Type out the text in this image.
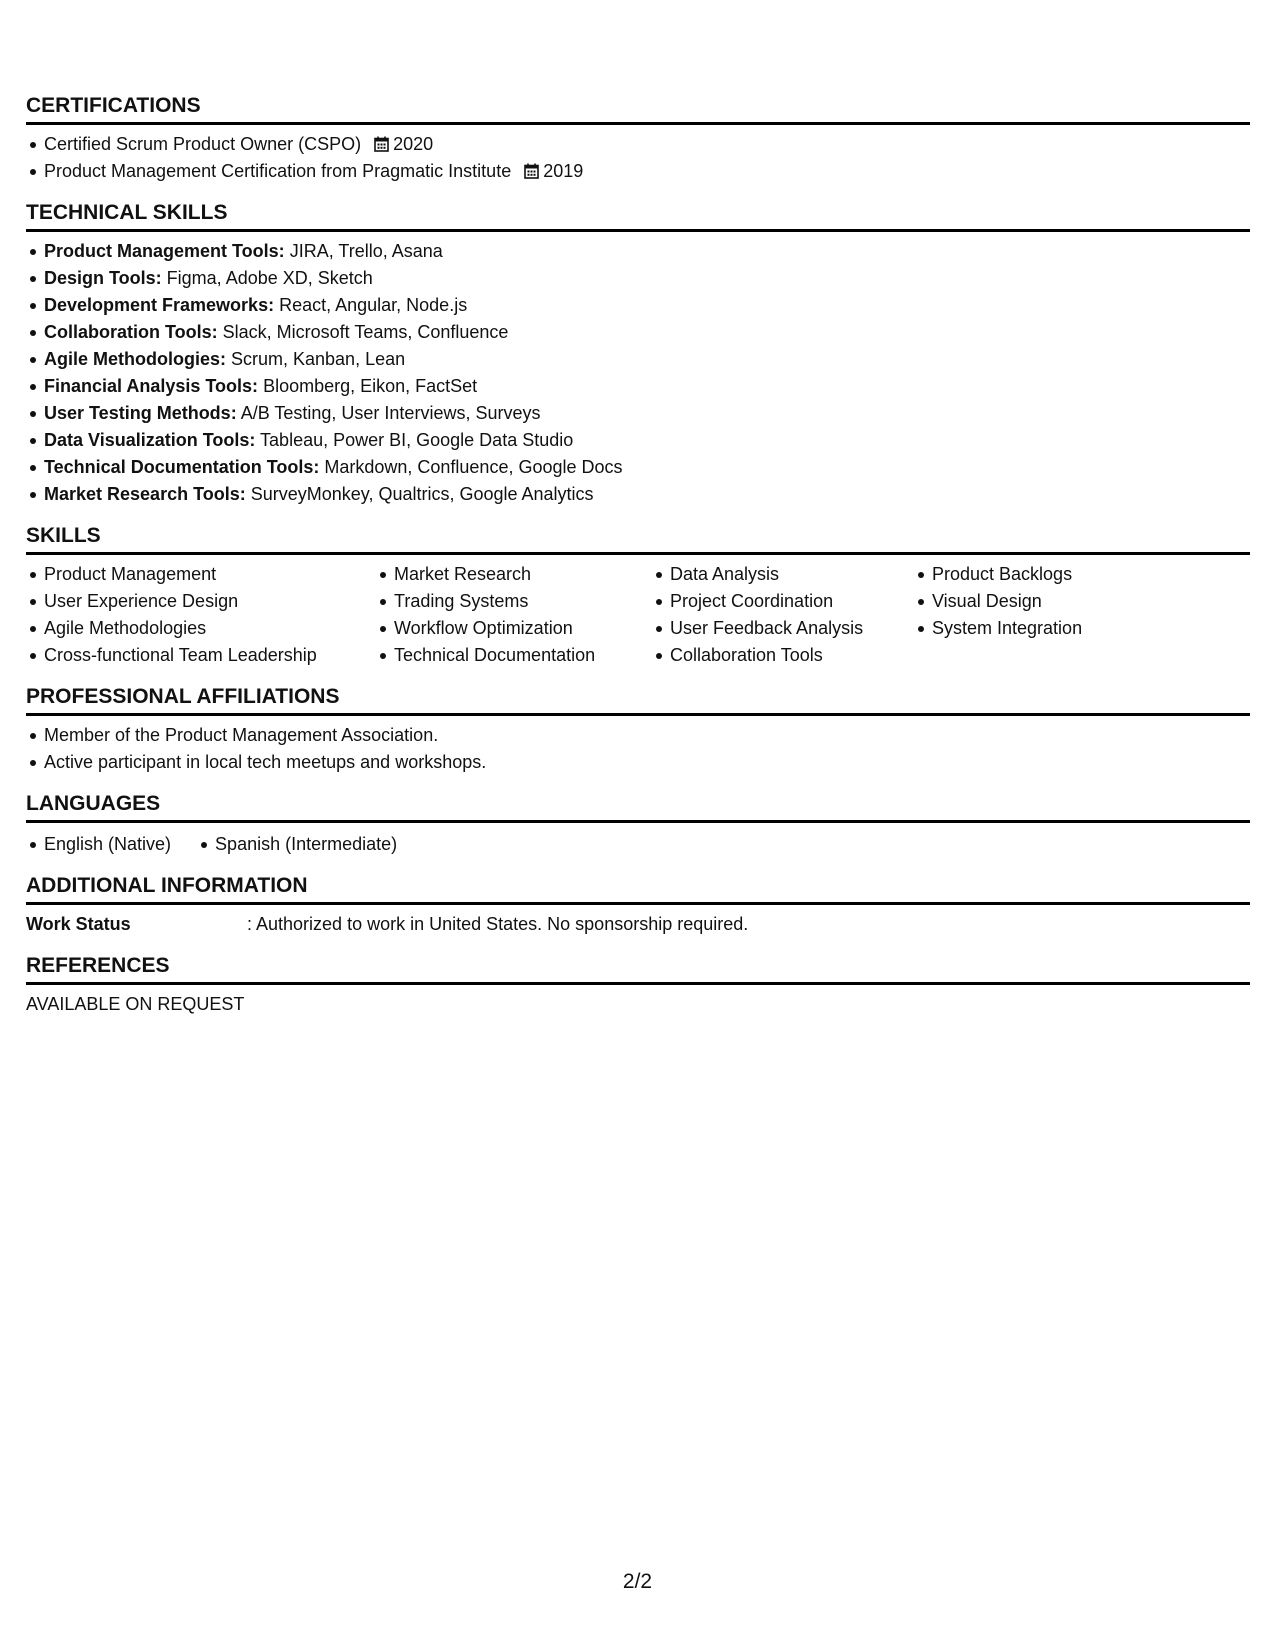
CERTIFICATIONS
Certified Scrum Product Owner (CSPO) 2020
Product Management Certification from Pragmatic Institute 2019
TECHNICAL SKILLS
Product Management Tools: JIRA, Trello, Asana
Design Tools: Figma, Adobe XD, Sketch
Development Frameworks: React, Angular, Node.js
Collaboration Tools: Slack, Microsoft Teams, Confluence
Agile Methodologies: Scrum, Kanban, Lean
Financial Analysis Tools: Bloomberg, Eikon, FactSet
User Testing Methods: A/B Testing, User Interviews, Surveys
Data Visualization Tools: Tableau, Power BI, Google Data Studio
Technical Documentation Tools: Markdown, Confluence, Google Docs
Market Research Tools: SurveyMonkey, Qualtrics, Google Analytics
SKILLS
Product Management
User Experience Design
Agile Methodologies
Cross-functional Team Leadership
Market Research
Trading Systems
Workflow Optimization
Technical Documentation
Data Analysis
Project Coordination
User Feedback Analysis
Collaboration Tools
Product Backlogs
Visual Design
System Integration
PROFESSIONAL AFFILIATIONS
Member of the Product Management Association.
Active participant in local tech meetups and workshops.
LANGUAGES
English (Native) Spanish (Intermediate)
ADDITIONAL INFORMATION
Work Status	: Authorized to work in United States. No sponsorship required.
REFERENCES
AVAILABLE ON REQUEST
2/2
